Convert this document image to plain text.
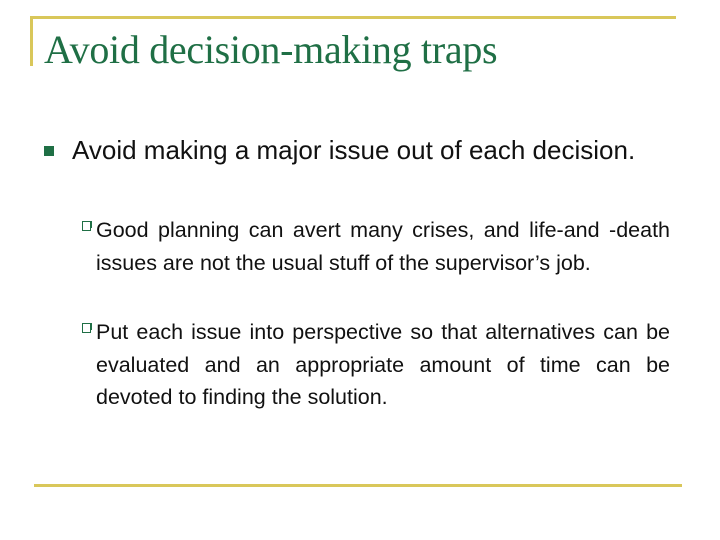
Avoid decision-making traps
Avoid making a major issue out of each decision.
Good planning can avert many crises, and life-and -death issues are not the usual stuff of the supervisor’s job.
Put each issue into perspective so that alternatives can be evaluated and an appropriate amount of time can be devoted to finding the solution.
